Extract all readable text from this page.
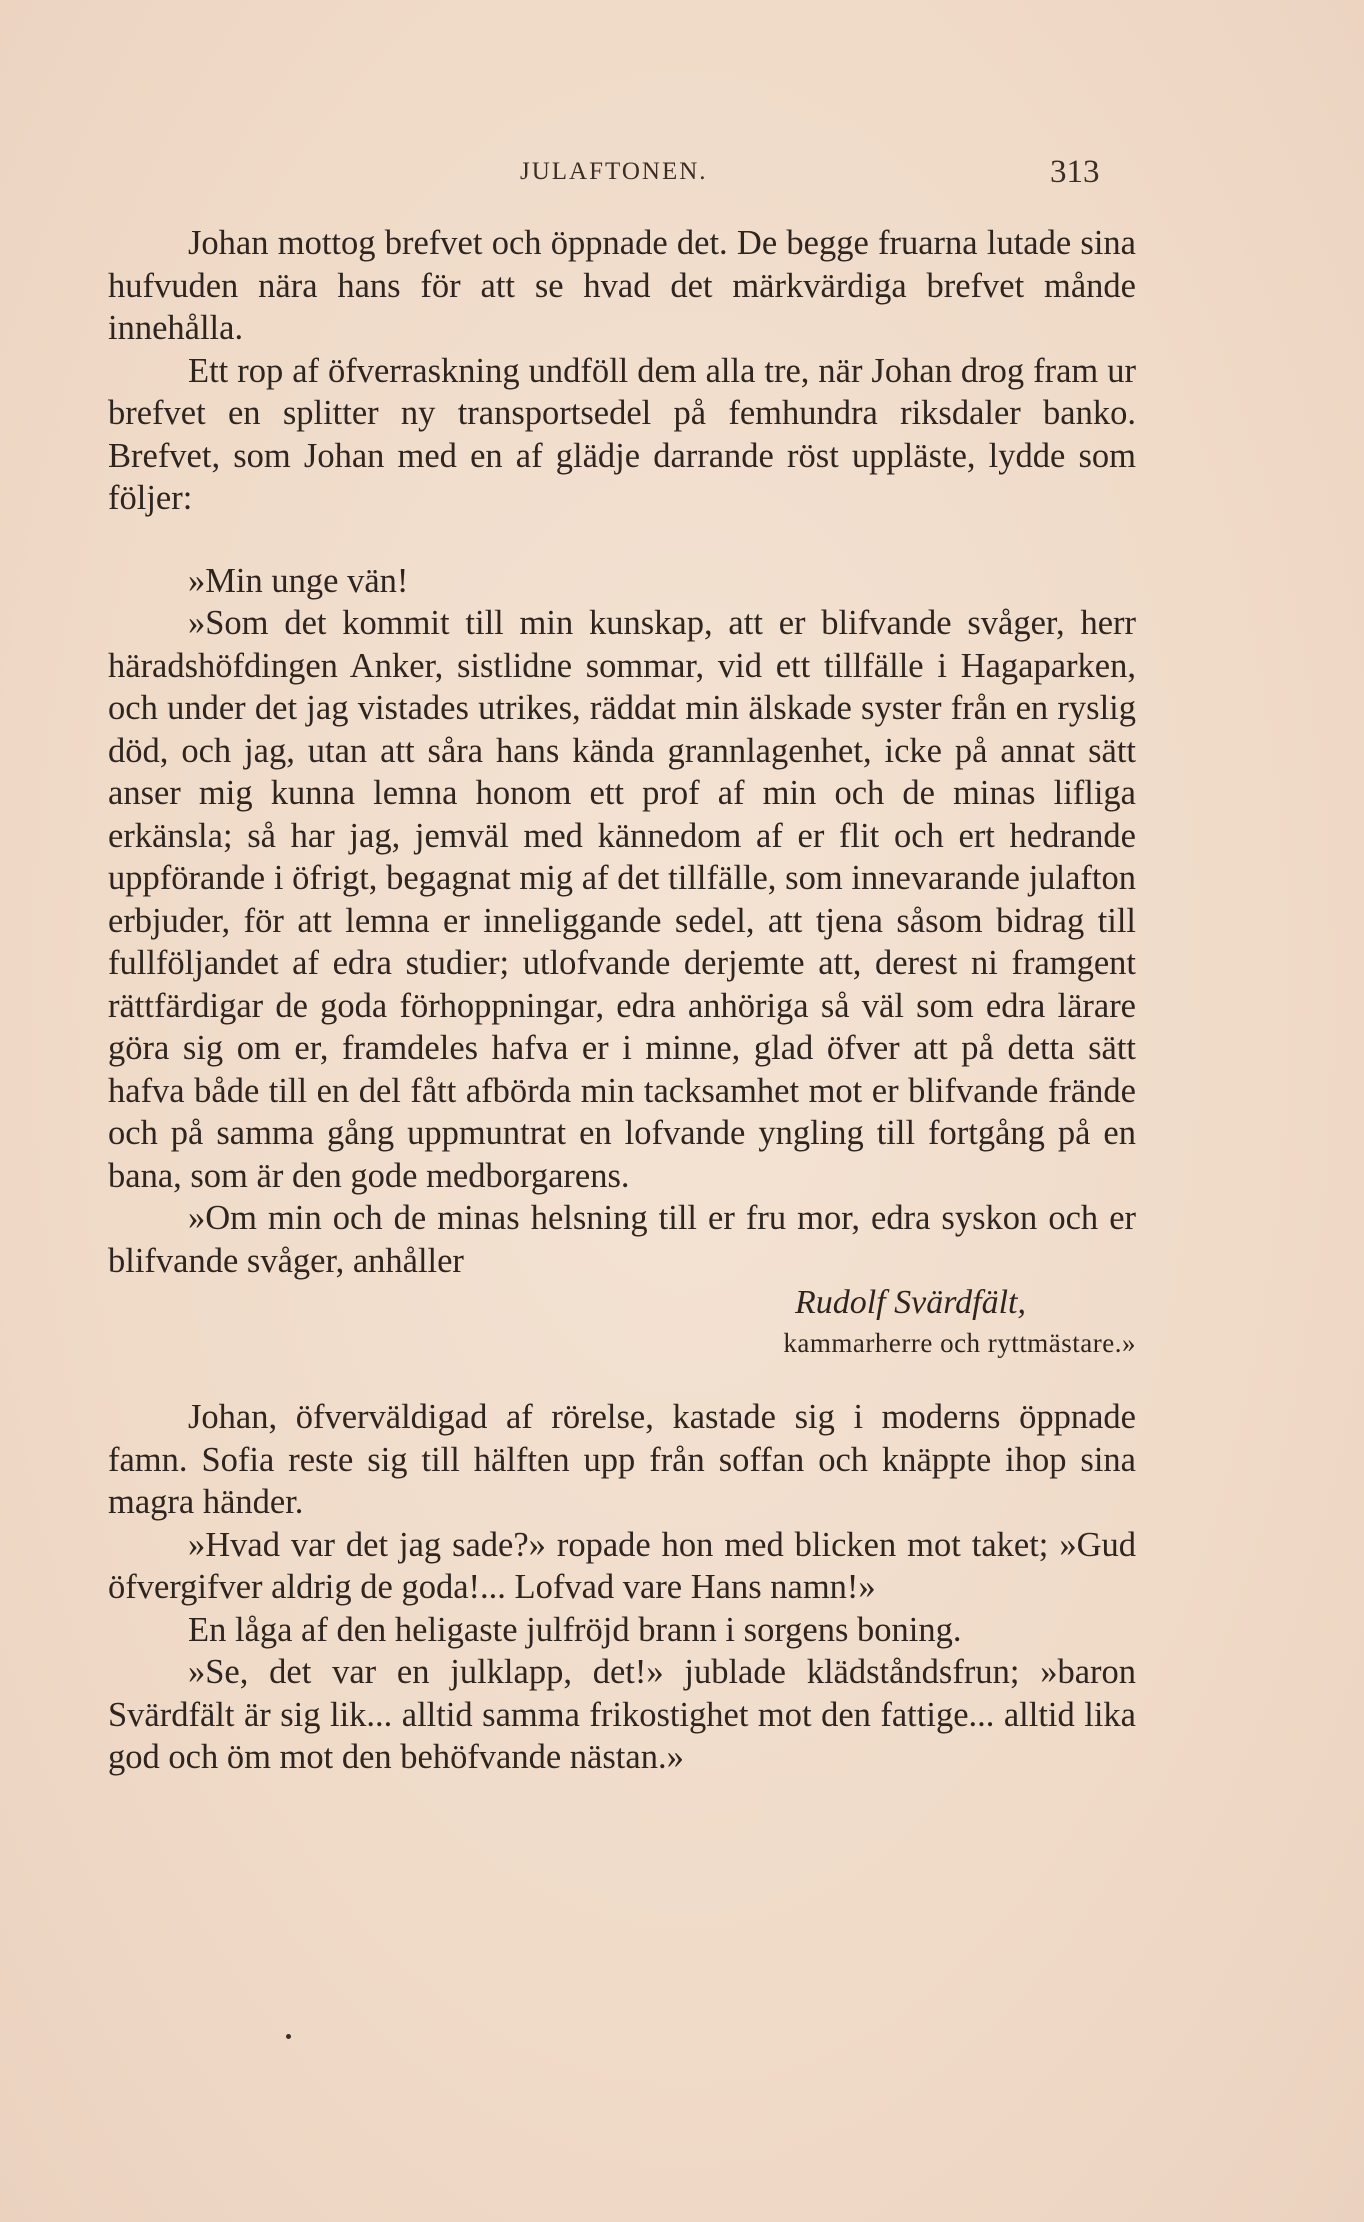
JULAFTONEN.	313

Johan mottog brefvet och öppnade det. De begge fruarna lutade sina hufvuden nära hans för att se hvad det märkvärdiga brefvet månde innehålla.

Ett rop af öfverraskning undföll dem alla tre, när Johan drog fram ur brefvet en splitter ny transportsedel på femhundra riksdaler banko. Brefvet, som Johan med en af glädje darrande röst uppläste, lydde som följer:

»Min unge vän!

»Som det kommit till min kunskap, att er blifvande svåger, herr häradshöfdingen Anker, sistlidne sommar, vid ett tillfälle i Hagaparken, och under det jag vistades utrikes, räddat min älskade syster från en ryslig död, och jag, utan att såra hans kända grannlagenhet, icke på annat sätt anser mig kunna lemna honom ett prof af min och de minas lifliga erkänsla; så har jag, jemväl med kännedom af er flit och ert hedrande uppförande i öfrigt, begagnat mig af det tillfälle, som innevarande julafton erbjuder, för att lemna er inneliggande sedel, att tjena såsom bidrag till fullföljandet af edra studier; utlofvande derjemte att, derest ni framgent rättfärdigar de goda förhoppningar, edra anhöriga så väl som edra lärare göra sig om er, framdeles hafva er i minne, glad öfver att på detta sätt hafva både till en del fått afbörda min tacksamhet mot er blifvande frände och på samma gång uppmuntrat en lofvande yngling till fortgång på en bana, som är den gode medborgarens.

»Om min och de minas helsning till er fru mor, edra syskon och er blifvande svåger, anhåller

Rudolf Svärdfält,

kammarherre och ryttmästare.»

Johan, öfverväldigad af rörelse, kastade sig i moderns öppnade famn. Sofia reste sig till hälften upp från soffan och knäppte ihop sina magra händer.

»Hvad var det jag sade?» ropade hon med blicken mot taket; »Gud öfvergifver aldrig de goda!... Lofvad vare Hans namn!»

En låga af den heligaste julfröjd brann i sorgens boning.

»Se, det var en julklapp, det!» jublade klädståndsfrun; »baron Svärdfält är sig lik... alltid samma frikostighet mot den fattige... alltid lika god och öm mot den behöfvande nästan.»
